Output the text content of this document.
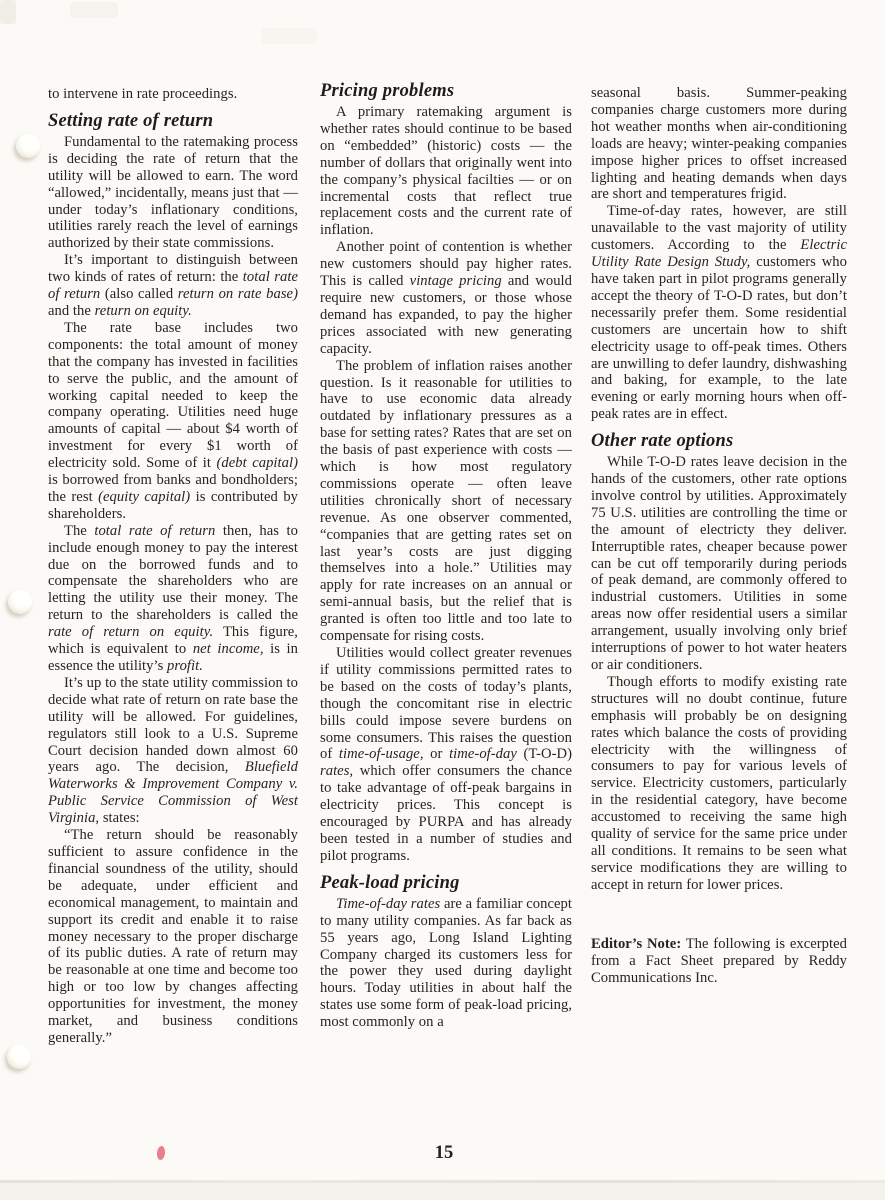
to intervene in rate proceedings.

Setting rate of return

Fundamental to the ratemaking process is deciding the rate of return that the utility will be allowed to earn. The word “allowed,” incidentally, means just that — under today’s inflationary conditions, utilities rarely reach the level of earnings authorized by their state commissions.

It’s important to distinguish between two kinds of rates of return: the total rate of return (also called return on rate base) and the return on equity.

The rate base includes two components: the total amount of money that the company has invested in facilities to serve the public, and the amount of working capital needed to keep the company operating. Utilities need huge amounts of capital — about $4 worth of investment for every $1 worth of electricity sold. Some of it (debt capital) is borrowed from banks and bondholders; the rest (equity capital) is contributed by shareholders.

The total rate of return then, has to include enough money to pay the interest due on the borrowed funds and to compensate the shareholders who are letting the utility use their money. The return to the shareholders is called the rate of return on equity. This figure, which is equivalent to net income, is in essence the utility’s profit.

It’s up to the state utility commission to decide what rate of return on rate base the utility will be allowed. For guidelines, regulators still look to a U.S. Supreme Court decision handed down almost 60 years ago. The decision, Bluefield Waterworks & Improvement Company v. Public Service Commission of West Virginia, states:

“The return should be reasonably sufficient to assure confidence in the financial soundness of the utility, should be adequate, under efficient and economical management, to maintain and support its credit and enable it to raise money necessary to the proper discharge of its public duties. A rate of return may be reasonable at one time and become too high or too low by changes affecting opportunities for investment, the money market, and business conditions generally.”

Pricing problems

A primary ratemaking argument is whether rates should continue to be based on “embedded” (historic) costs — the number of dollars that originally went into the company’s physical facilties — or on incremental costs that reflect true replacement costs and the current rate of inflation.

Another point of contention is whether new customers should pay higher rates. This is called vintage pricing and would require new customers, or those whose demand has expanded, to pay the higher prices associated with new generating capacity.

The problem of inflation raises another question. Is it reasonable for utilities to have to use economic data already outdated by inflationary pressures as a base for setting rates? Rates that are set on the basis of past experience with costs — which is how most regulatory commissions operate — often leave utilities chronically short of necessary revenue. As one observer commented, “companies that are getting rates set on last year’s costs are just digging themselves into a hole.” Utilities may apply for rate increases on an annual or semi-annual basis, but the relief that is granted is often too little and too late to compensate for rising costs.

Utilities would collect greater revenues if utility commissions permitted rates to be based on the costs of today’s plants, though the concomitant rise in electric bills could impose severe burdens on some consumers. This raises the question of time-of-usage, or time-of-day (T-O-D) rates, which offer consumers the chance to take advantage of off-peak bargains in electricity prices. This concept is encouraged by PURPA and has already been tested in a number of studies and pilot programs.

Peak-load pricing

Time-of-day rates are a familiar concept to many utility companies. As far back as 55 years ago, Long Island Lighting Company charged its customers less for the power they used during daylight hours. Today utilities in about half the states use some form of peak-load pricing, most commonly on a

seasonal basis. Summer-peaking companies charge customers more during hot weather months when air-conditioning loads are heavy; winter-peaking companies impose higher prices to offset increased lighting and heating demands when days are short and temperatures frigid.

Time-of-day rates, however, are still unavailable to the vast majority of utility customers. According to the Electric Utility Rate Design Study, customers who have taken part in pilot programs generally accept the theory of T-O-D rates, but don’t necessarily prefer them. Some residential customers are uncertain how to shift electricity usage to off-peak times. Others are unwilling to defer laundry, dishwashing and baking, for example, to the late evening or early morning hours when off-peak rates are in effect.

Other rate options

While T-O-D rates leave decision in the hands of the customers, other rate options involve control by utilities. Approximately 75 U.S. utilities are controlling the time or the amount of electricty they deliver. Interruptible rates, cheaper because power can be cut off temporarily during periods of peak demand, are commonly offered to industrial customers. Utilities in some areas now offer residential users a similar arrangement, usually involving only brief interruptions of power to hot water heaters or air conditioners.

Though efforts to modify existing rate structures will no doubt continue, future emphasis will probably be on designing rates which balance the costs of providing electricity with the willingness of consumers to pay for various levels of service. Electricity customers, particularly in the residential category, have become accustomed to receiving the same high quality of service for the same price under all conditions. It remains to be seen what service modifications they are willing to accept in return for lower prices.

Editor’s Note: The following is excerpted from a Fact Sheet prepared by Reddy Communications Inc.

15
